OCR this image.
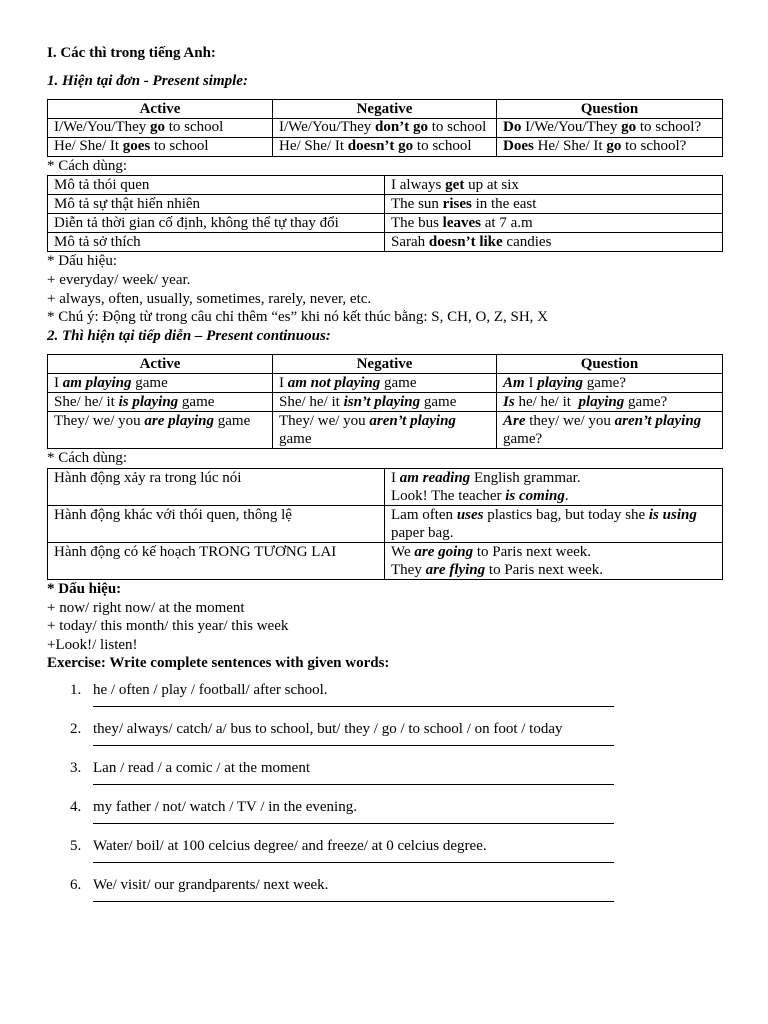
I. Các thì trong tiếng Anh:
1. Hiện tại đơn - Present simple:
Active	Negative	Question
I/We/You/They go to school	I/We/You/They don’t go to school	Do I/We/You/They go to school?
He/ She/ It goes to school	He/ She/ It doesn’t go to school	Does He/ She/ It go to school?
* Cách dùng:
Mô tả thói quen	I always get up at six
Mô tả sự thật hiển nhiên	The sun rises in the east
Diễn tả thời gian cố định, không thể tự thay đổi	The bus leaves at 7 a.m
Mô tả sở thích	Sarah doesn’t like candies
* Dấu hiệu:
+ everyday/ week/ year.
+ always, often, usually, sometimes, rarely, never, etc.
* Chú ý: Động từ trong câu chỉ thêm “es” khi nó kết thúc bằng: S, CH, O, Z, SH, X
2. Thì hiện tại tiếp diễn – Present continuous:
Active	Negative	Question
I am playing game	I am not playing game	Am I playing game?
She/ he/ it is playing game	She/ he/ it isn’t playing game	Is he/ he/ it  playing game?
They/ we/ you are playing game	They/ we/ you aren’t playing game	Are they/ we/ you aren’t playing game?
* Cách dùng:
Hành động xảy ra trong lúc nói	I am reading English grammar.
Look! The teacher is coming.
Hành động khác với thói quen, thông lệ	Lam often uses plastics bag, but today she is using paper bag.
Hành động có kế hoạch TRONG TƯƠNG LAI	We are going to Paris next week.
They are flying to Paris next week.
* Dấu hiệu:
+ now/ right now/ at the moment
+ today/ this month/ this year/ this week
+Look!/ listen!
Exercise: Write complete sentences with given words:
1. he / often / play / football/ after school.
2. they/ always/ catch/ a/ bus to school, but/ they / go / to school / on foot / today
3. Lan / read / a comic / at the moment
4. my father / not/ watch / TV / in the evening.
5. Water/ boil/ at 100 celcius degree/ and freeze/ at 0 celcius degree.
6. We/ visit/ our grandparents/ next week.
